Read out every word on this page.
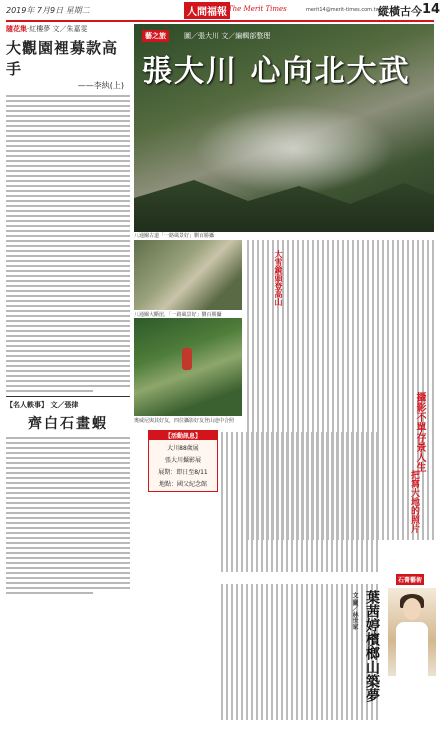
2019年 7月9日 星期二	人間福報 The Merit Times	merit14@merit-times.com.tw
縱橫古今 14
隨花集‧紅樓夢 文／朱嘉雯
大觀園裡募款高手
——李紈(上)
【名人軼事】 文／張律
齊白石畫蝦
藝之旅	圖／張大川 文／編輯部整理
張大川 心向北大武
八通關古道「一路風景好」劉百勝攝
八通關大斷崖，「一路風景好」劉百勝攝
奧威尼與其好友，四位攝影好友登山途中合照
【活動訊息】
大川88歲展
張大川攝影展
展期：即日至8/11
地點：國父紀念館
攝影不單存景人生
把寫大地的照片
大雪鏡頭登高山
石膏藝術
葉茜婷檳榔山築夢
文‧圖／林世家
